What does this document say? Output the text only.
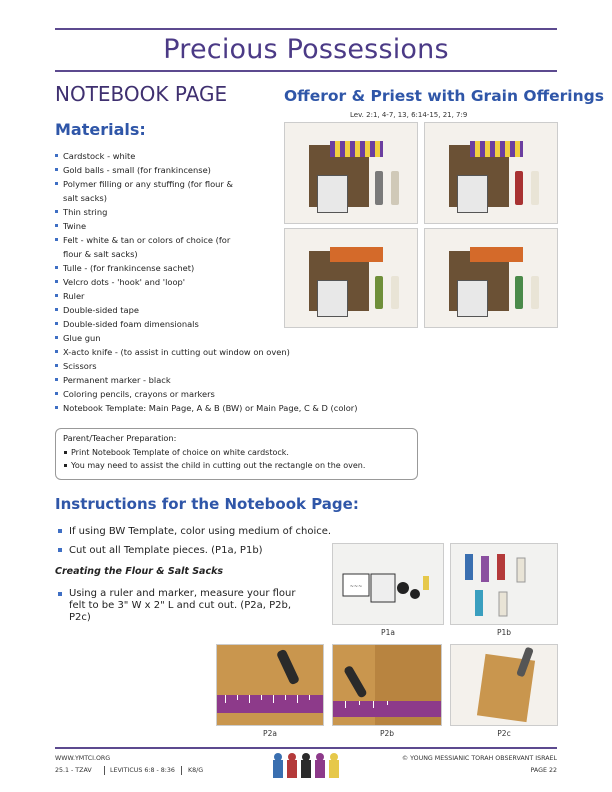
Precious Possessions
NOTEBOOK PAGE	Offeror & Priest with Grain Offerings
Lev. 2:1, 4-7, 13, 6:14-15, 21, 7:9
Materials:
Cardstock - white
Gold balls - small (for frankincense)
Polymer filling or any stuffing (for flour &
salt sacks)
Thin string
Twine
Felt - white & tan or colors of choice (for
flour & salt sacks)
Tulle - (for frankincense sachet)
Velcro dots - 'hook' and 'loop'
Ruler
Double-sided tape
Double-sided foam dimensionals
Glue gun
X-acto knife - (to assist in cutting out window on oven)
Scissors
Permanent marker - black
Coloring pencils, crayons or markers
Notebook Template: Main Page, A & B (BW) or Main Page, C & D (color)
Parent/Teacher Preparation:
Print Notebook Template of choice on white cardstock.
You may need to assist the child in cutting out the rectangle on the oven.
Instructions for the Notebook Page:
If using BW Template, color using medium of choice.
Cut out all Template pieces. (P1a, P1b)
Creating the Flour & Salt Sacks
Using a ruler and marker, measure your flour felt to be 3" W x 2" L and cut out. (P2a, P2b, P2c)
~~~
P1a	P1b
P2a	P2b	P2c
WWW.YMTCI.ORG
25.1 - TZAV	LEVITICUS 6:8 - 8:36 K8/G
© YOUNG MESSIANIC TORAH OBSERVANT ISRAEL
PAGE 22
